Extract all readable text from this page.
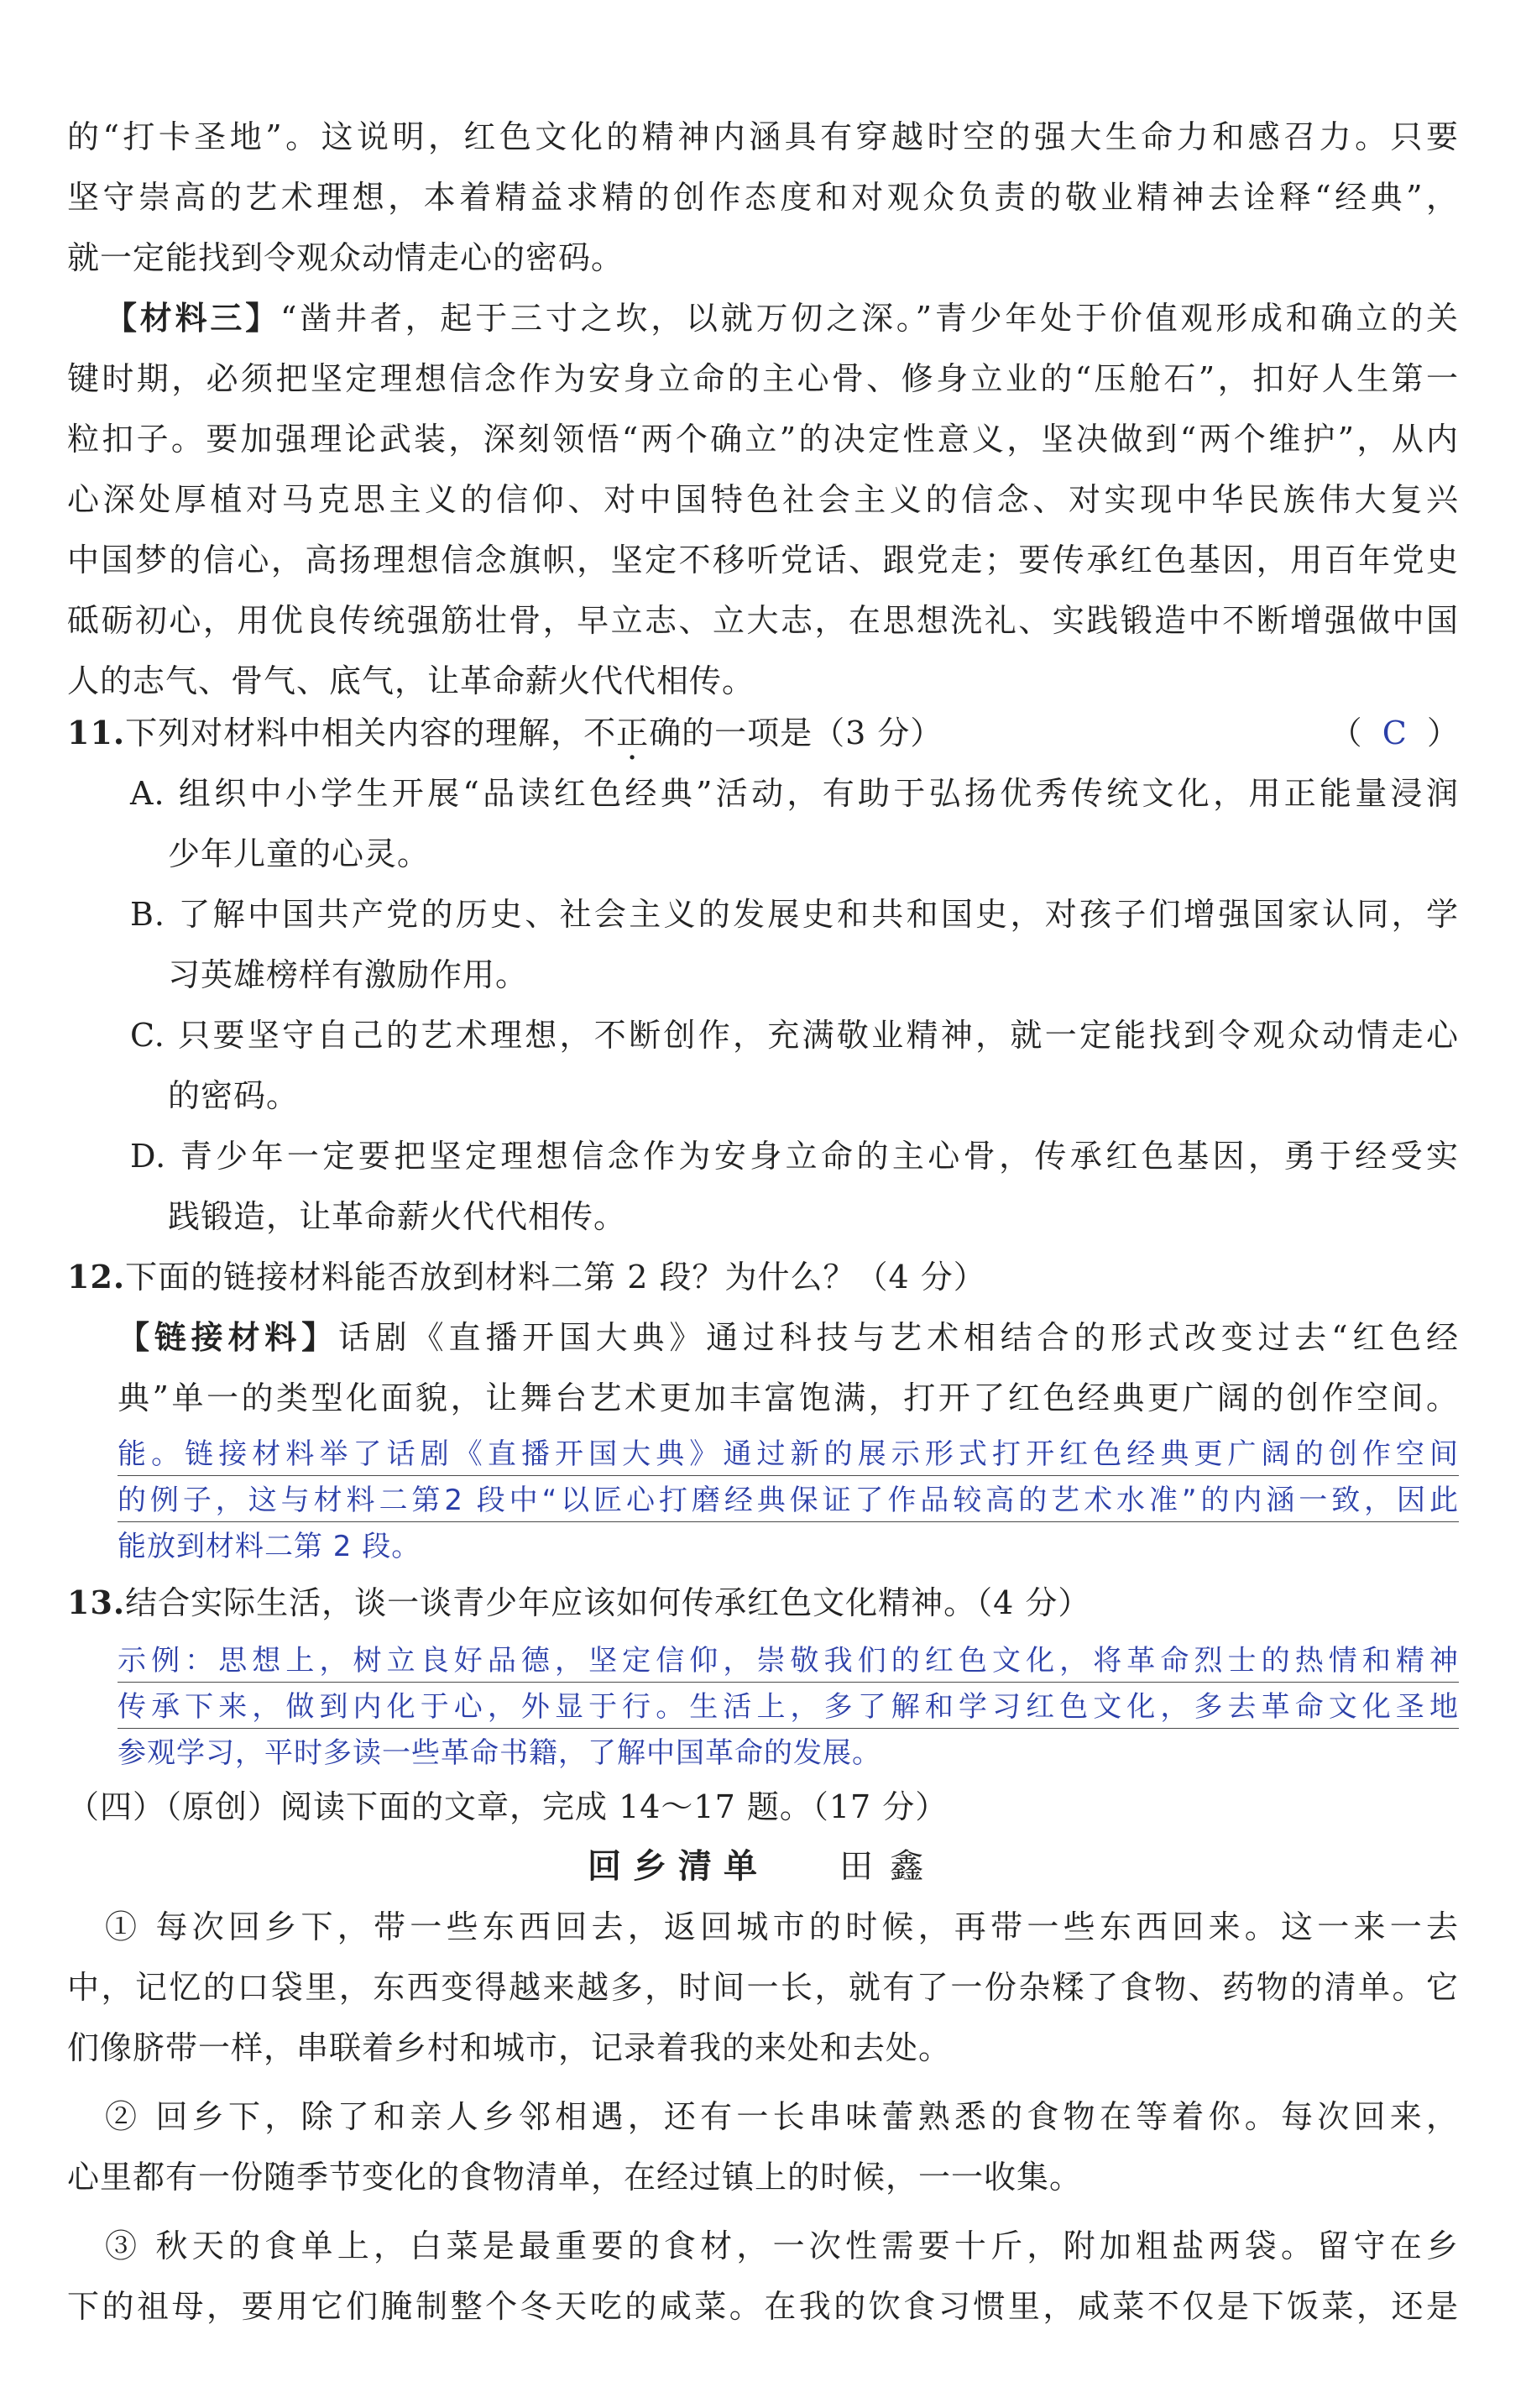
的“打卡圣地”。这说明，红色文化的精神内涵具有穿越时空的强大生命力和感召力。只要
坚守崇高的艺术理想，本着精益求精的创作态度和对观众负责的敬业精神去诠释“经典”，
就一定能找到令观众动情走心的密码。
【材料三】“凿井者，起于三寸之坎，以就万仞之深。”青少年处于价值观形成和确立的关
键时期，必须把坚定理想信念作为安身立命的主心骨、修身立业的“压舱石”，扣好人生第一
粒扣子。要加强理论武装，深刻领悟“两个确立”的决定性意义，坚决做到“两个维护”，从内
心深处厚植对马克思主义的信仰、对中国特色社会主义的信念、对实现中华民族伟大复兴
中国梦的信心，高扬理想信念旗帜，坚定不移听党话、跟党走；要传承红色基因，用百年党史
砥砺初心，用优良传统强筋壮骨，早立志、立大志，在思想洗礼、实践锻造中不断增强做中国
人的志气、骨气、底气，让革命薪火代代相传。
11.下列对材料中相关内容的理解，不正确的一项是（3 分）	（ C ）
A. 组织中小学生开展“品读红色经典”活动，有助于弘扬优秀传统文化，用正能量浸润
少年儿童的心灵。
B. 了解中国共产党的历史、社会主义的发展史和共和国史，对孩子们增强国家认同，学
习英雄榜样有激励作用。
C. 只要坚守自己的艺术理想，不断创作，充满敬业精神，就一定能找到令观众动情走心
的密码。
D. 青少年一定要把坚定理想信念作为安身立命的主心骨，传承红色基因，勇于经受实
践锻造，让革命薪火代代相传。
12.下面的链接材料能否放到材料二第 2 段？为什么？（4 分）
【链接材料】话剧《直播开国大典》通过科技与艺术相结合的形式改变过去“红色经
典”单一的类型化面貌，让舞台艺术更加丰富饱满，打开了红色经典更广阔的创作空间。
能。链接材料举了话剧《直播开国大典》通过新的展示形式打开红色经典更广阔的创作空间
的例子，这与材料二第2 段中“以匠心打磨经典保证了作品较高的艺术水准”的内涵一致，因此
能放到材料二第 2 段。
13.结合实际生活，谈一谈青少年应该如何传承红色文化精神。（4 分）
示例：思想上，树立良好品德，坚定信仰，崇敬我们的红色文化，将革命烈士的热情和精神
传承下来，做到内化于心，外显于行。生活上，多了解和学习红色文化，多去革命文化圣地
参观学习，平时多读一些革命书籍，了解中国革命的发展。
（四）（原创）阅读下面的文章，完成 14～17 题。（17 分）
回乡清单 田鑫
① 每次回乡下，带一些东西回去，返回城市的时候，再带一些东西回来。这一来一去
中，记忆的口袋里，东西变得越来越多，时间一长，就有了一份杂糅了食物、药物的清单。它
们像脐带一样，串联着乡村和城市，记录着我的来处和去处。
② 回乡下，除了和亲人乡邻相遇，还有一长串味蕾熟悉的食物在等着你。每次回来，
心里都有一份随季节变化的食物清单，在经过镇上的时候，一一收集。
③ 秋天的食单上，白菜是最重要的食材，一次性需要十斤，附加粗盐两袋。留守在乡
下的祖母，要用它们腌制整个冬天吃的咸菜。在我的饮食习惯里，咸菜不仅是下饭菜，还是
